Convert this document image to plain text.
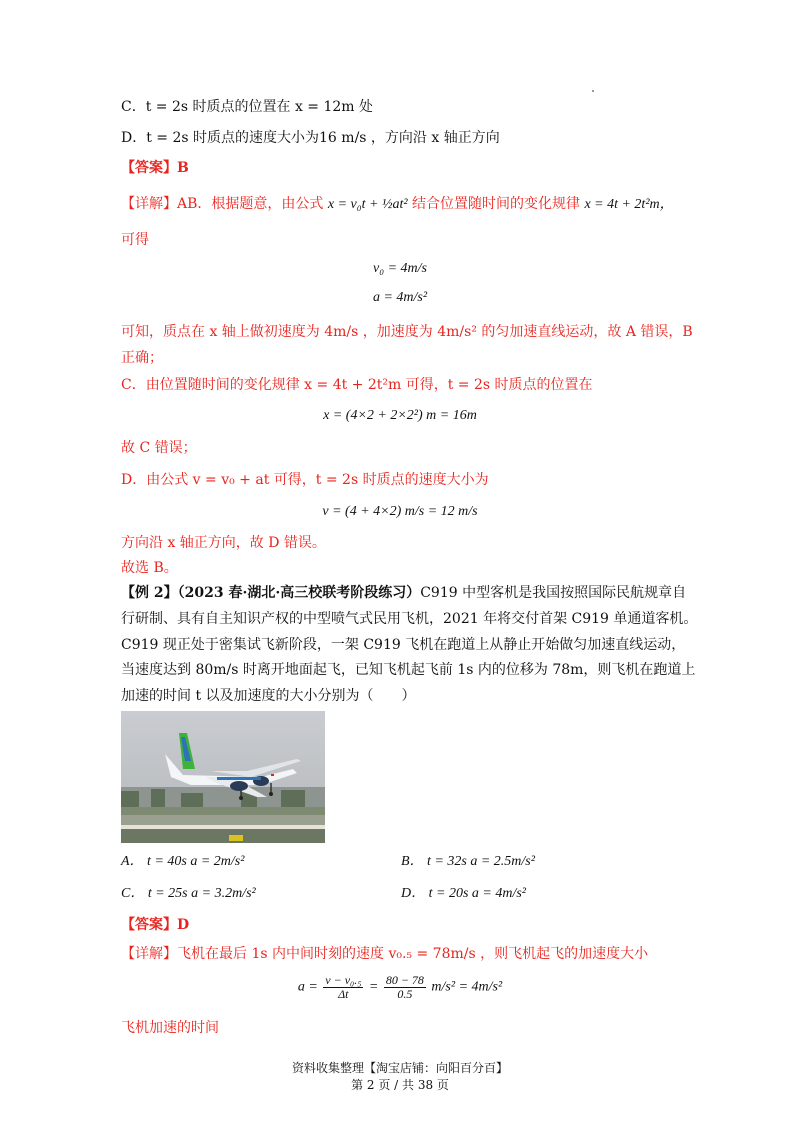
C．t = 2s 时质点的位置在 x = 12m 处
D．t = 2s 时质点的速度大小为16 m/s ，方向沿 x 轴正方向
【答案】B
【详解】AB．根据题意，由公式 x = v₀t + ½at² 结合位置随时间的变化规律 x = 4t + 2t²m，
可得
v₀ = 4m/s
a = 4m/s²
可知，质点在 x 轴上做初速度为 4m/s ，加速度为 4m/s² 的匀加速直线运动，故 A 错误，B
正确；
C．由位置随时间的变化规律 x = 4t + 2t²m 可得，t = 2s 时质点的位置在
x = (4×2 + 2×2²) m = 16m
故 C 错误；
D．由公式 v = v₀ + at 可得，t = 2s 时质点的速度大小为
v = (4 + 4×2) m/s = 12 m/s
方向沿 x 轴正方向，故 D 错误。
故选 B。
【例 2】（2023 春·湖北·高三校联考阶段练习）C919 中型客机是我国按照国际民航规章自
行研制、具有自主知识产权的中型喷气式民用飞机，2021 年将交付首架 C919 单通道客机。
C919 现正处于密集试飞新阶段，一架 C919 飞机在跑道上从静止开始做匀加速直线运动，
当速度达到 80m/s 时离开地面起飞，已知飞机起飞前 1s 内的位移为 78m，则飞机在跑道上
加速的时间 t 以及加速度的大小分别为（　　）
A． t = 40s a = 2m/s²	B． t = 32s a = 2.5m/s²
C． t = 25s a = 3.2m/s²	D． t = 20s a = 4m/s²
【答案】D
【详解】飞机在最后 1s 内中间时刻的速度 v₀.₅ = 78m/s ，则飞机起飞的加速度大小
$a = \frac{\text{v − v₀.₅}}{\Delta t} = \frac{80 - 78}{0.5} m/s^2 = 4m/s^2$
飞机加速的时间
资料收集整理【淘宝店铺：向阳百分百】
第 2 页 / 共 38 页
